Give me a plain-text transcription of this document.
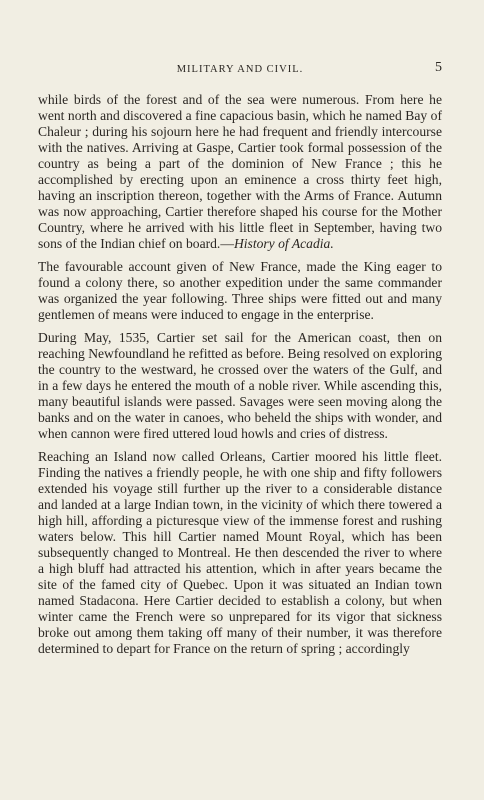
MILITARY AND CIVIL.	5

while birds of the forest and of the sea were numerous. From here he went north and discovered a fine capacious basin, which he named Bay of Chaleur ; during his sojourn here he had frequent and friendly intercourse with the natives. Arriving at Gaspe, Cartier took formal possession of the country as being a part of the dominion of New France ; this he accomplished by erecting upon an eminence a cross thirty feet high, having an inscription thereon, together with the Arms of France. Autumn was now approaching, Cartier therefore shaped his course for the Mother Country, where he arrived with his little fleet in September, having two sons of the Indian chief on board.—History of Acadia.

The favourable account given of New France, made the King eager to found a colony there, so another expedition under the same commander was organized the year following. Three ships were fitted out and many gentlemen of means were induced to engage in the enterprise.

During May, 1535, Cartier set sail for the American coast, then on reaching Newfoundland he refitted as before. Being resolved on exploring the country to the westward, he crossed over the waters of the Gulf, and in a few days he entered the mouth of a noble river. While ascending this, many beautiful islands were passed. Savages were seen moving along the banks and on the water in canoes, who beheld the ships with wonder, and when cannon were fired uttered loud howls and cries of distress.

Reaching an Island now called Orleans, Cartier moored his little fleet. Finding the natives a friendly people, he with one ship and fifty followers extended his voyage still further up the river to a considerable distance and landed at a large Indian town, in the vicinity of which there towered a high hill, affording a picturesque view of the immense forest and rushing waters below. This hill Cartier named Mount Royal, which has been subsequently changed to Montreal. He then descended the river to where a high bluff had attracted his attention, which in after years became the site of the famed city of Quebec. Upon it was situated an Indian town named Stadacona. Here Cartier decided to establish a colony, but when winter came the French were so unprepared for its vigor that sickness broke out among them taking off many of their number, it was therefore determined to depart for France on the return of spring ; accordingly
